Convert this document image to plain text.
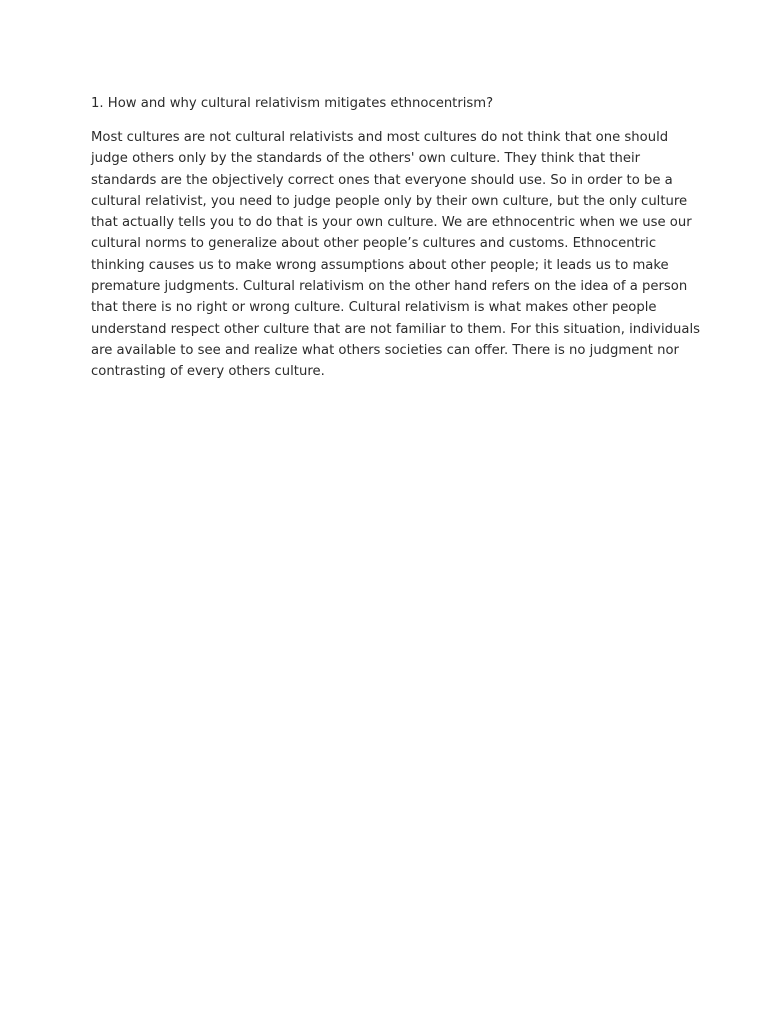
1. How and why cultural relativism mitigates ethnocentrism?

Most cultures are not cultural relativists and most cultures do not think that one should
judge others only by the standards of the others' own culture. They think that their
standards are the objectively correct ones that everyone should use. So in order to be a
cultural relativist, you need to judge people only by their own culture, but the only culture
that actually tells you to do that is your own culture. We are ethnocentric when we use our
cultural norms to generalize about other people’s cultures and customs. Ethnocentric
thinking causes us to make wrong assumptions about other people; it leads us to make
premature judgments. Cultural relativism on the other hand refers on the idea of a person
that there is no right or wrong culture. Cultural relativism is what makes other people
understand respect other culture that are not familiar to them. For this situation, individuals
are available to see and realize what others societies can offer. There is no judgment nor
contrasting of every others culture.
